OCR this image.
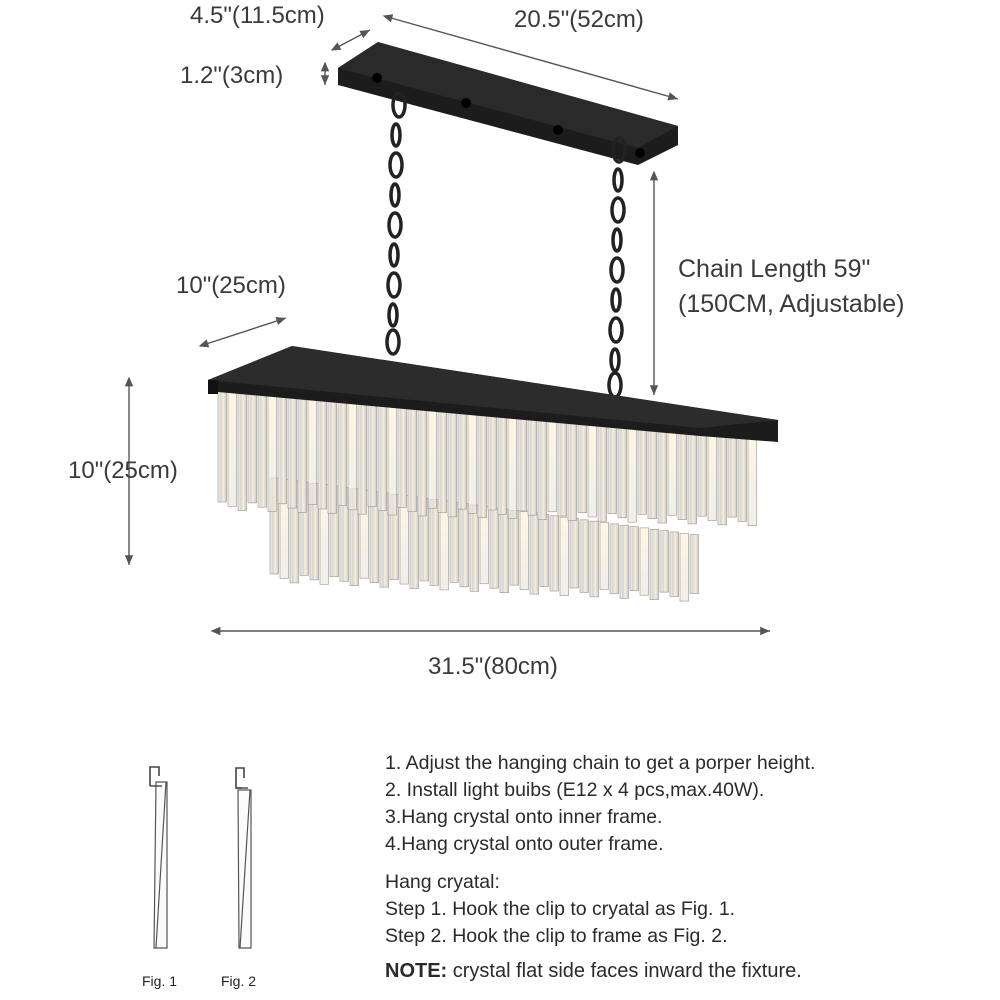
4.5"(11.5cm)	20.5"(52cm)
1.2"(3cm)
Chain Length 59"
(150CM, Adjustable)
10"(25cm)
10"(25cm)
31.5"(80cm)
Fig. 1	Fig. 2
1. Adjust the hanging chain to get a porper height.
2. Install light buibs (E12 x 4 pcs,max.40W).
3.Hang crystal onto inner frame.
4.Hang crystal onto outer frame.
Hang cryatal:
Step 1. Hook the clip to cryatal as Fig. 1.
Step 2. Hook the clip to frame as Fig. 2.
NOTE: crystal flat side faces inward the fixture.
